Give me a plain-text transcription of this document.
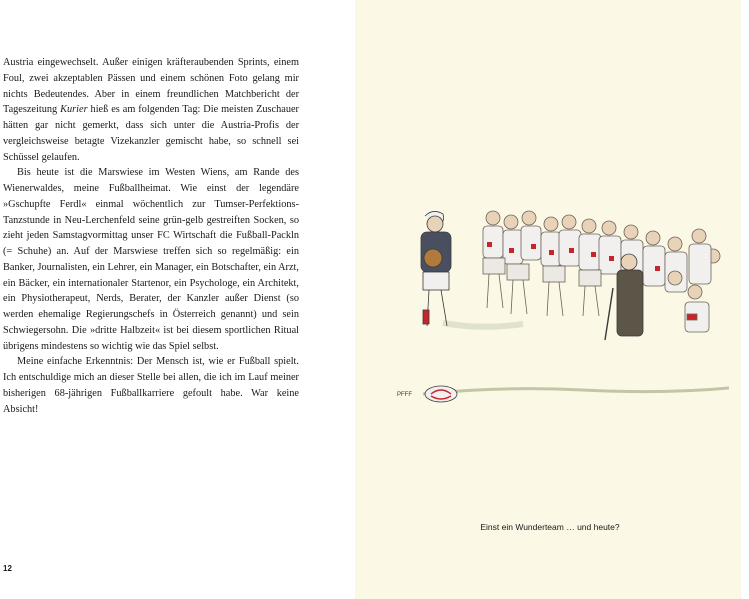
Austria eingewechselt. Außer einigen kräfteraubenden Sprints, einem Foul, zwei akzeptablen Pässen und einem schönen Foto gelang mir nichts Bedeutendes. Aber in einem freundlichen Matchbericht der Tageszeitung Kurier hieß es am folgenden Tag: Die meisten Zuschauer hätten gar nicht gemerkt, dass sich unter die Austria-Profis der vergleichsweise betagte Vizekanzler gemischt habe, so schnell sei Schüssel gelaufen.

Bis heute ist die Marswiese im Westen Wiens, am Rande des Wienerwaldes, meine Fußballheimat. Wie einst der legendäre »Gschupfte Ferdl« einmal wöchentlich zur Tumser-Perfektions-Tanzstunde in Neu-Lerchenfeld seine grün-gelb gestreiften Socken, so zieht jeden Samstagvormittag unser FC Wirtschaft die Fußball-Packln (= Schuhe) an. Auf der Marswiese treffen sich so regelmäßig: ein Banker, Journalisten, ein Lehrer, ein Manager, ein Botschafter, ein Arzt, ein Bäcker, ein internationaler Startenor, ein Psychologe, ein Architekt, ein Physiotherapeut, Nerds, Berater, der Kanzler außer Dienst (so werden ehemalige Regierungschefs in Österreich genannt) und sein Schwiegersohn. Die »dritte Halbzeit« ist bei diesem sportlichen Ritual übrigens mindestens so wichtig wie das Spiel selbst.

Meine einfache Erkenntnis: Der Mensch ist, wie er Fußball spielt. Ich entschuldige mich an dieser Stelle bei allen, die ich im Lauf meiner bisherigen 68-jährigen Fußballkarriere gefoult habe. War keine Absicht!

12
PFFF
Einst ein Wunderteam … und heute?
